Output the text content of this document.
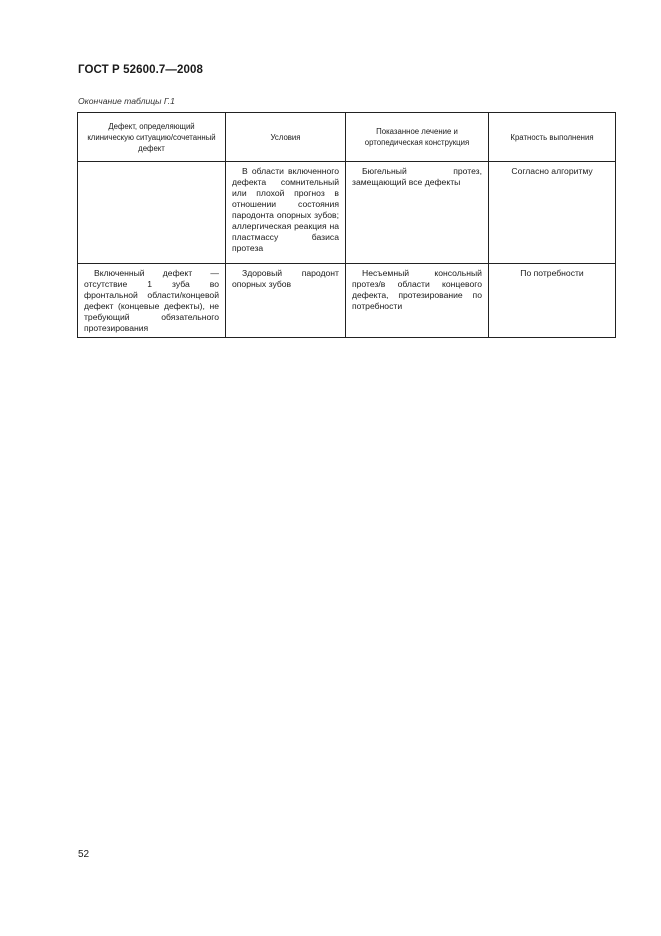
ГОСТ Р 52600.7—2008
Окончание таблицы Г.1
Дефект, определяющий клиническую ситуацию/сочетанный дефект	Условия	Показанное лечение и ортопедическая конструкция	Кратность выполнения

	В области включенного дефекта сомнительный или плохой прогноз в отношении состояния пародонта опорных зубов; аллергическая реакция на пластмассу базиса протеза	Бюгельный протез, замещающий все дефекты	Согласно алгоритму

Включенный дефект — отсутствие 1 зуба во фронтальной области/концевой дефект (концевые дефекты), не требующий обязательного протезирования	Здоровый пародонт опорных зубов	Несъемный консольный протез/в области концевого дефекта, протезирование по потребности	По потребности
52
